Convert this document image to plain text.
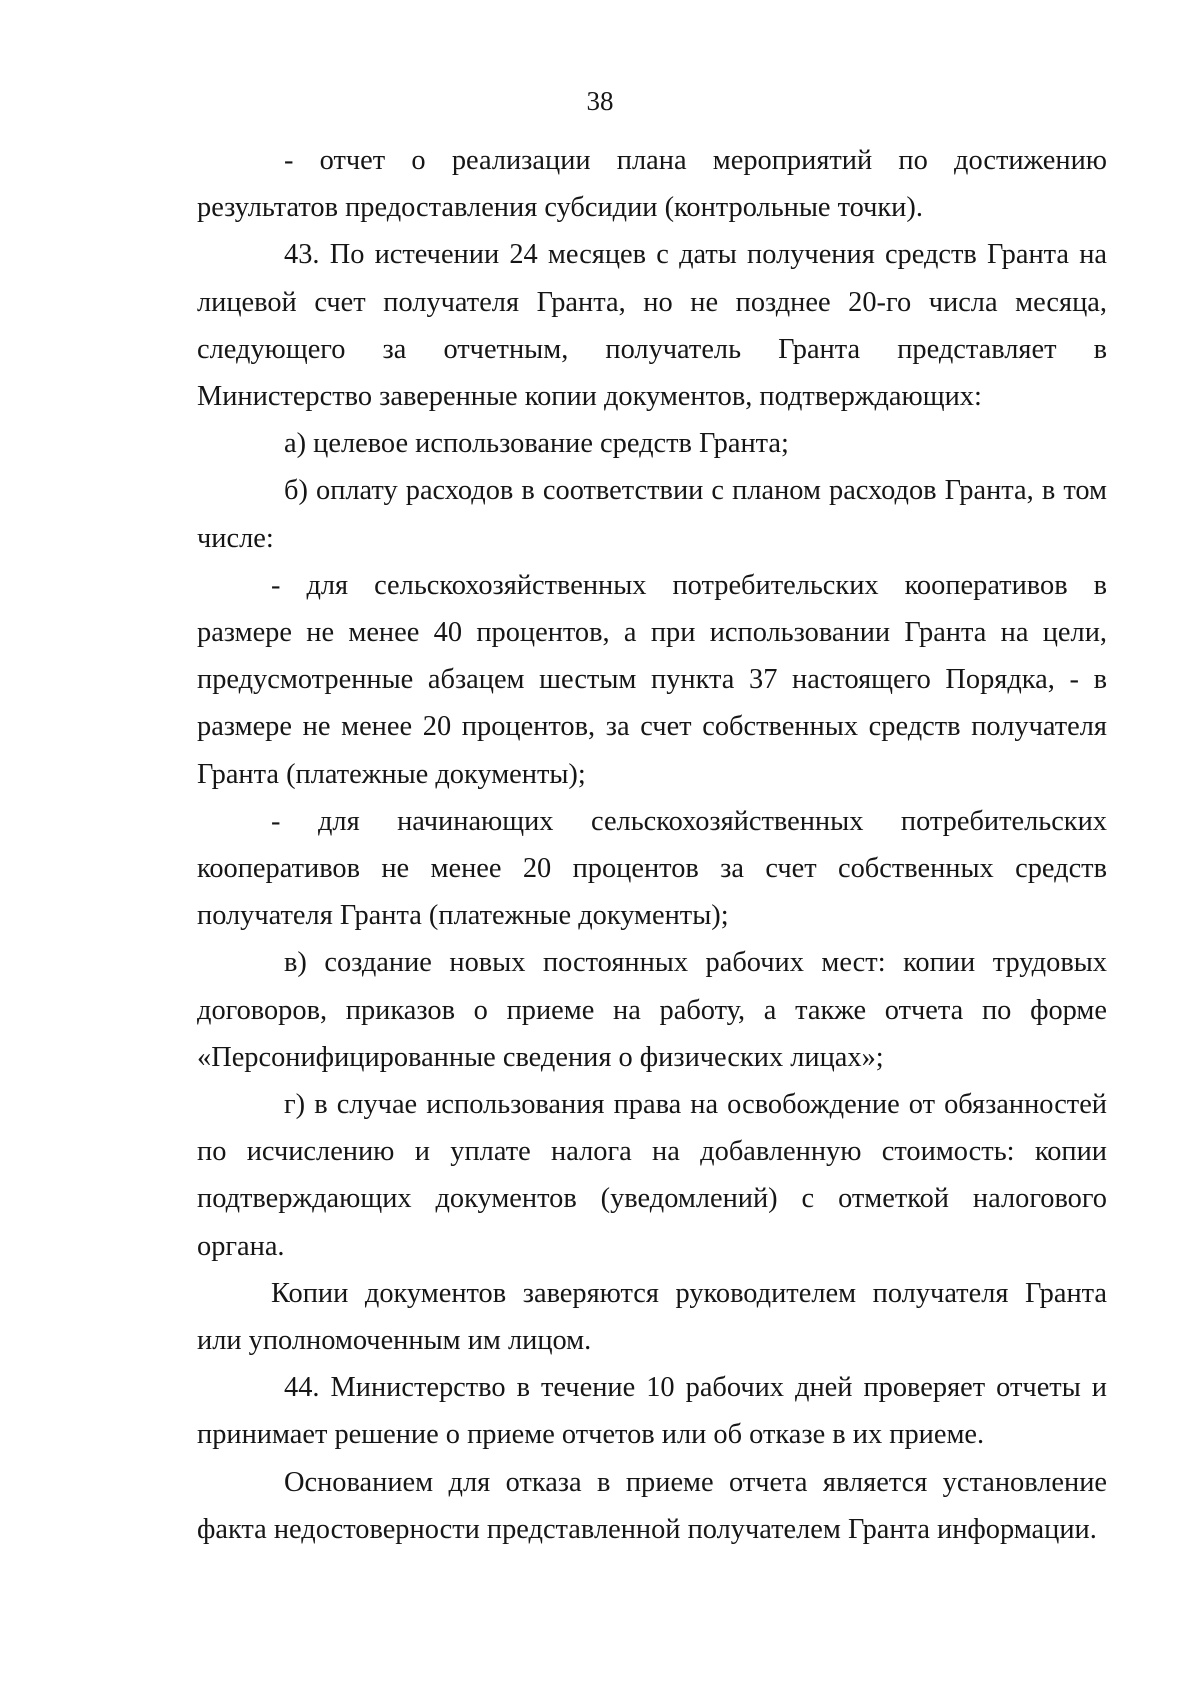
38

- отчет о реализации плана мероприятий по достижению результатов предоставления субсидии (контрольные точки).

43. По истечении 24 месяцев с даты получения средств Гранта на лицевой счет получателя Гранта, но не позднее 20-го числа месяца, следующего за отчетным, получатель Гранта представляет в Министерство заверенные копии документов, подтверждающих:

а) целевое использование средств Гранта;

б) оплату расходов в соответствии с планом расходов Гранта, в том числе:

- для сельскохозяйственных потребительских кооперативов в размере не менее 40 процентов, а при использовании Гранта на цели, предусмотренные абзацем шестым пункта 37 настоящего Порядка, - в размере не менее 20 процентов, за счет собственных средств получателя Гранта (платежные документы);

- для начинающих сельскохозяйственных потребительских кооперативов не менее 20 процентов за счет собственных средств получателя Гранта (платежные документы);

в) создание новых постоянных рабочих мест: копии трудовых договоров, приказов о приеме на работу, а также отчета по форме «Персонифицированные сведения о физических лицах»;

г) в случае использования права на освобождение от обязанностей по исчислению и уплате налога на добавленную стоимость: копии подтверждающих документов (уведомлений) с отметкой налогового органа.

Копии документов заверяются руководителем получателя Гранта или уполномоченным им лицом.

44. Министерство в течение 10 рабочих дней проверяет отчеты и принимает решение о приеме отчетов или об отказе в их приеме.

Основанием для отказа в приеме отчета является установление факта недостоверности представленной получателем Гранта информации.
